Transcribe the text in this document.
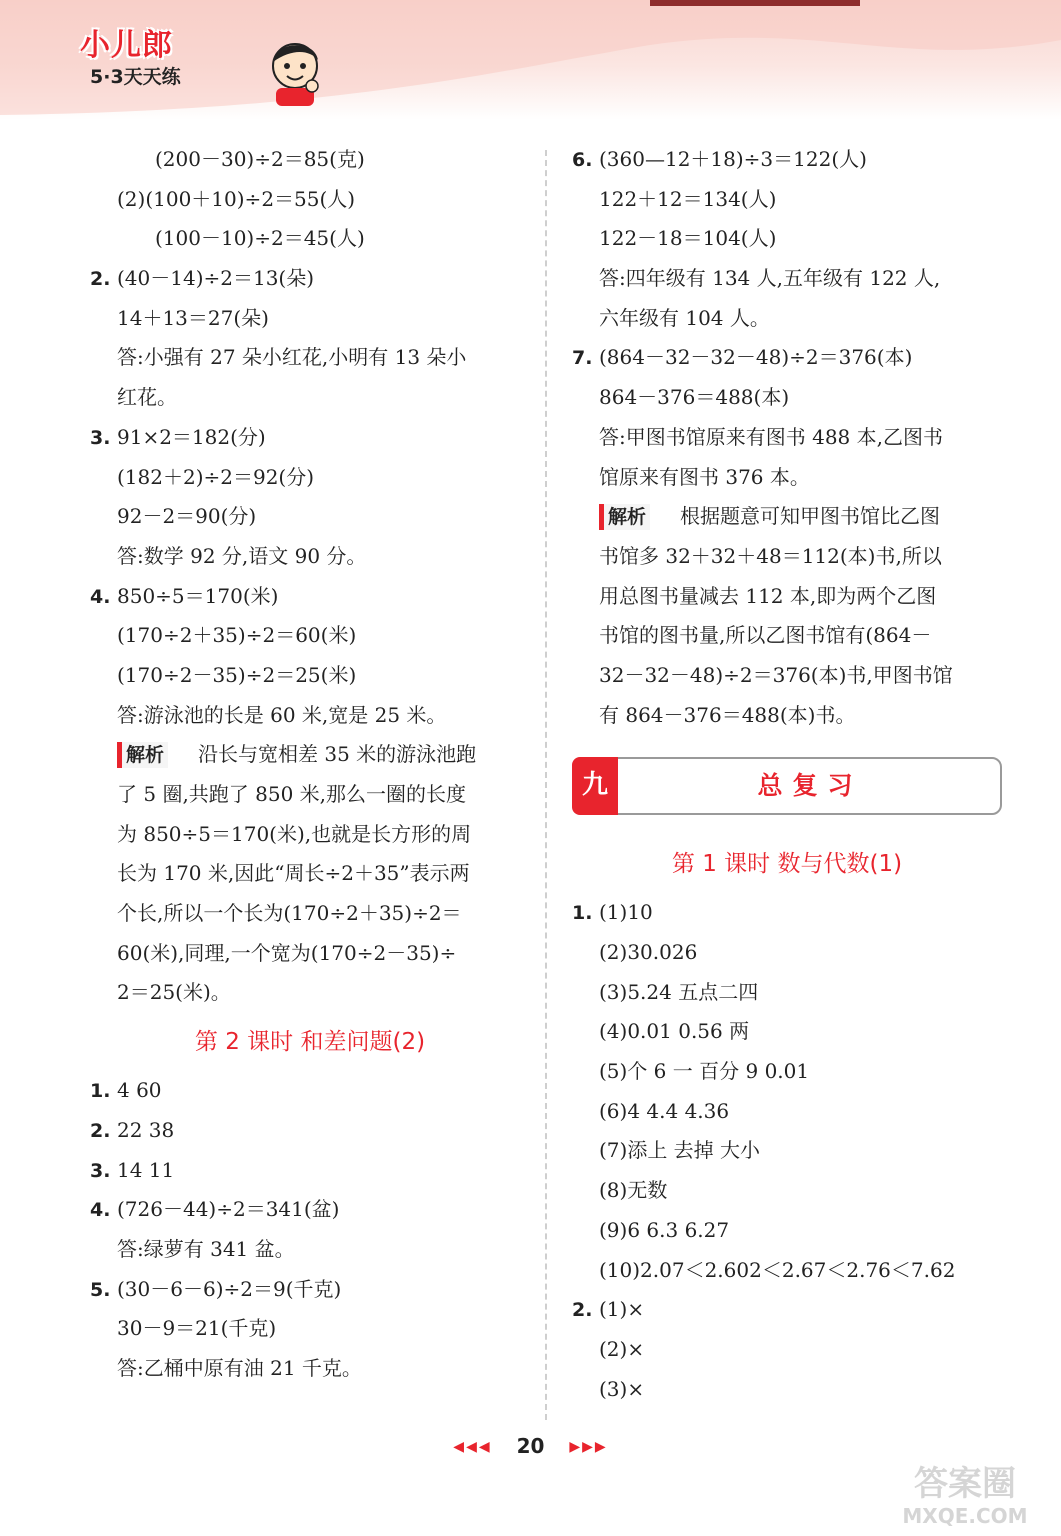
小儿郎
5·3天天练
(200－30)÷2＝85(克)
(2)(100＋10)÷2＝55(人)
(100－10)÷2＝45(人)
2. (40－14)÷2＝13(朵)
14＋13＝27(朵)
答:小强有 27 朵小红花,小明有 13 朵小
红花。
3. 91×2＝182(分)
(182＋2)÷2＝92(分)
92－2＝90(分)
答:数学 92 分,语文 90 分。
4. 850÷5＝170(米)
(170÷2＋35)÷2＝60(米)
(170÷2－35)÷2＝25(米)
答:游泳池的长是 60 米,宽是 25 米。
解析 沿长与宽相差 35 米的游泳池跑
了 5 圈,共跑了 850 米,那么一圈的长度
为 850÷5＝170(米),也就是长方形的周
长为 170 米,因此“周长÷2＋35”表示两
个长,所以一个长为(170÷2＋35)÷2＝
60(米),同理,一个宽为(170÷2－35)÷
2＝25(米)。
第 2 课时 和差问题(2)
1. 4 60
2. 22 38
3. 14 11
4. (726－44)÷2＝341(盆)
答:绿萝有 341 盆。
5. (30－6－6)÷2＝9(千克)
30－9＝21(千克)
答:乙桶中原有油 21 千克。
6. (360—12＋18)÷3＝122(人)
122＋12＝134(人)
122－18＝104(人)
答:四年级有 134 人,五年级有 122 人,
六年级有 104 人。
7. (864－32－32－48)÷2＝376(本)
864－376＝488(本)
答:甲图书馆原来有图书 488 本,乙图书
馆原来有图书 376 本。
解析 根据题意可知甲图书馆比乙图
书馆多 32＋32＋48＝112(本)书,所以
用总图书量减去 112 本,即为两个乙图
书馆的图书量,所以乙图书馆有(864－
32－32－48)÷2＝376(本)书,甲图书馆
有 864－376＝488(本)书。
九	总复习
第 1 课时 数与代数(1)
1. (1)10
(2)30.026
(3)5.24 五点二四
(4)0.01 0.56 两
(5)个 6 一 百分 9 0.01
(6)4 4.4 4.36
(7)添上 去掉 大小
(8)无数
(9)6 6.3 6.27
(10)2.07＜2.602＜2.67＜2.76＜7.62
2. (1)×
(2)×
(3)×
◀◀◀ 20 ▶▶▶
答案圈
MXQE.COM
